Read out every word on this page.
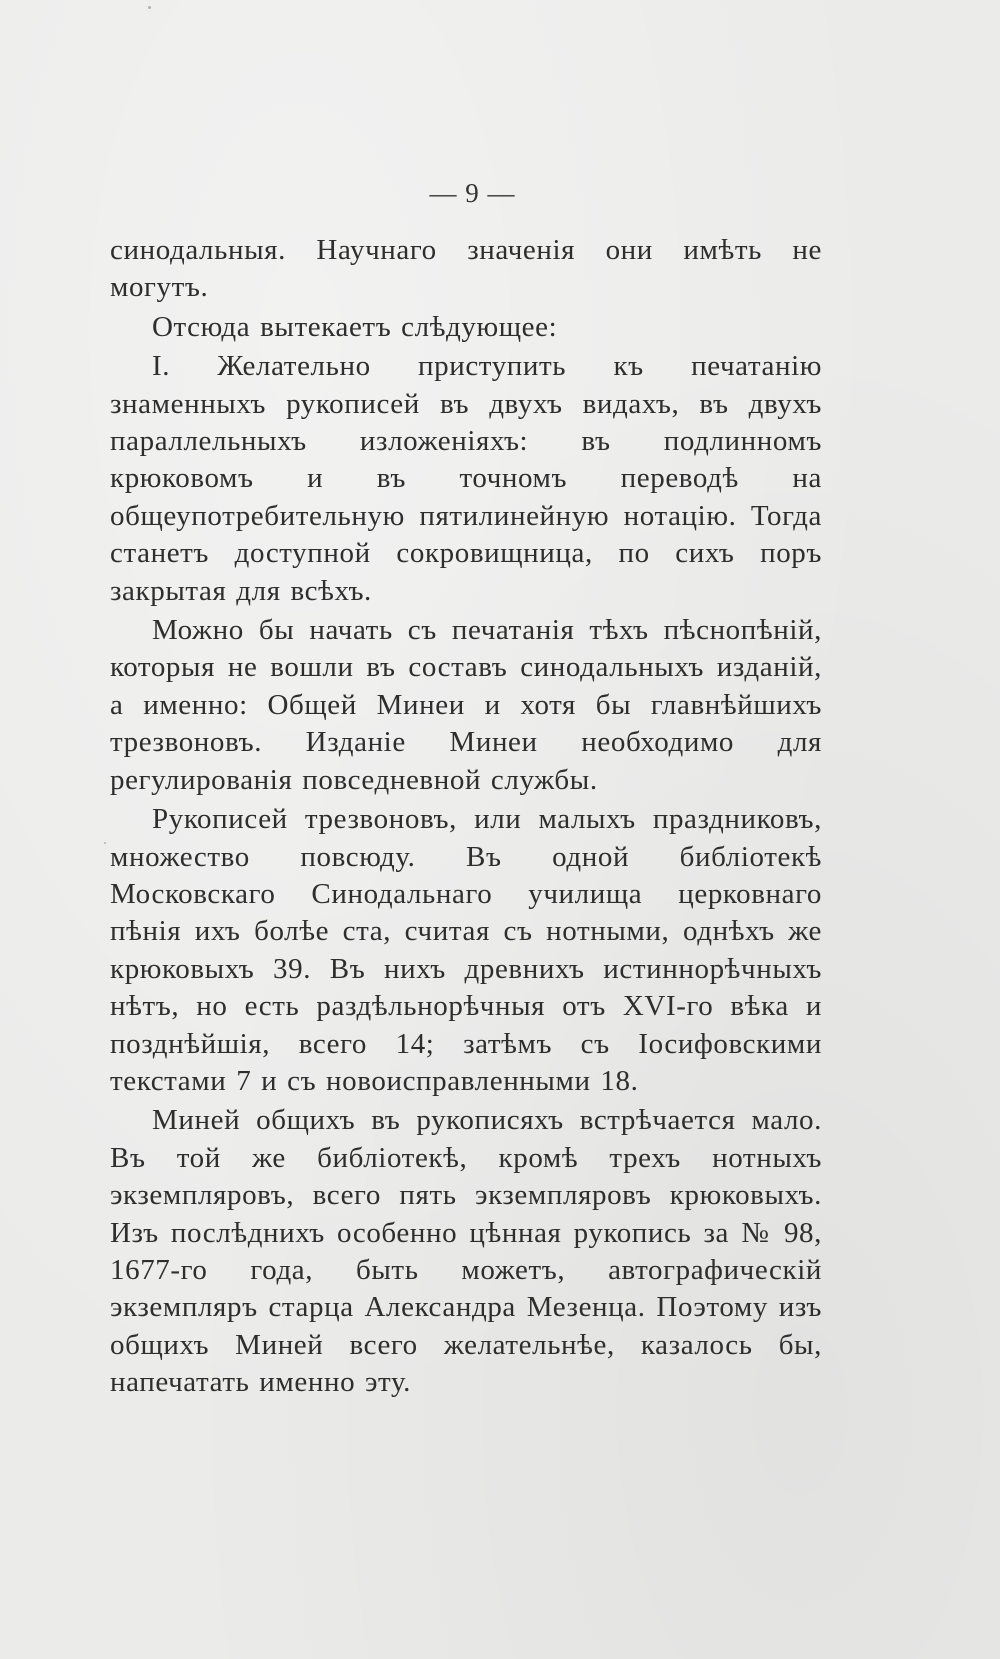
— 9 —

синодальныя. Научнаго значенія они имѣть не могутъ.

Отсюда вытекаетъ слѣдующее:

I. Желательно приступить къ печатанію знаменныхъ рукописей въ двухъ видахъ, въ двухъ параллельныхъ изложеніяхъ: въ подлинномъ крюковомъ и въ точномъ переводѣ на общеупотребительную пятилинейную нотацію. Тогда станетъ доступной сокровищница, по сихъ поръ закрытая для всѣхъ.

Можно бы начать съ печатанія тѣхъ пѣснопѣній, которыя не вошли въ составъ синодальныхъ изданій, а именно: Общей Минеи и хотя бы главнѣйшихъ трезвоновъ. Изданіе Минеи необходимо для регулированія повседневной службы.

Рукописей трезвоновъ, или малыхъ праздниковъ, множество повсюду. Въ одной библіотекѣ Московскаго Синодальнаго училища церковнаго пѣнія ихъ болѣе ста, считая съ нотными, однѣхъ же крюковыхъ 39. Въ нихъ древнихъ истиннорѣчныхъ нѣтъ, но есть раздѣльнорѣчныя отъ XVI-го вѣка и позднѣйшія, всего 14; затѣмъ съ Іосифовскими текстами 7 и съ новоисправленными 18.

Миней общихъ въ рукописяхъ встрѣчается мало. Въ той же библіотекѣ, кромѣ трехъ нотныхъ экземпляровъ, всего пять экземпляровъ крюковыхъ. Изъ послѣднихъ особенно цѣнная рукопись за № 98, 1677-го года, быть можетъ, автографическій экземпляръ старца Александра Мезенца. Поэтому изъ общихъ Миней всего желательнѣе, казалось бы, напечатать именно эту.
